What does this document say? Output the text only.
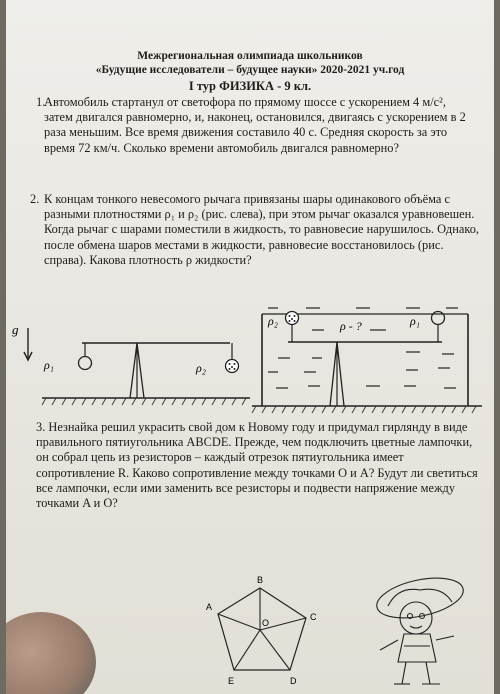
Межрегиональная олимпиада школьников
«Будущие исследователи – будущее науки» 2020-2021 уч.год
I тур ФИЗИКА - 9 кл.
1.
Автомобиль стартанул от светофора по прямому шоссе с ускорением 4 м/с², затем двигался равномерно, и, наконец, остановился, двигаясь с ускорением в 2 раза меньшим. Все время движения составило 40 с. Средняя скорость за это время 72 км/ч. Сколько времени автомобиль двигался равномерно?
2. К концам тонкого невесомого рычага привязаны шары одинакового объёма с разными плотностями ρ₁ и ρ₂ (рис. слева), при этом рычаг оказался уравновешен. Когда рычаг с шарами поместили в жидкость, то равновесие нарушилось. Однако, после обмена шаров местами в жидкости, равновесие восстановилось (рис. справа). Какова плотность ρ жидкости?
g
ρ₁	ρ₂
ρ₂	ρ₁
ρ - ?
3. Незнайка решил украсить свой дом к Новому году и придумал гирлянду в виде правильного пятиугольника ABCDE. Прежде, чем подключить цветные лампочки, он собрал цепь из резисторов – каждый отрезок пятиугольника имеет сопротивление R. Каково сопротивление между точками O и A? Будут ли светиться все лампочки, если ими заменить все резисторы и подвести напряжение между точками A и O?
B
C
D
E
A
O
